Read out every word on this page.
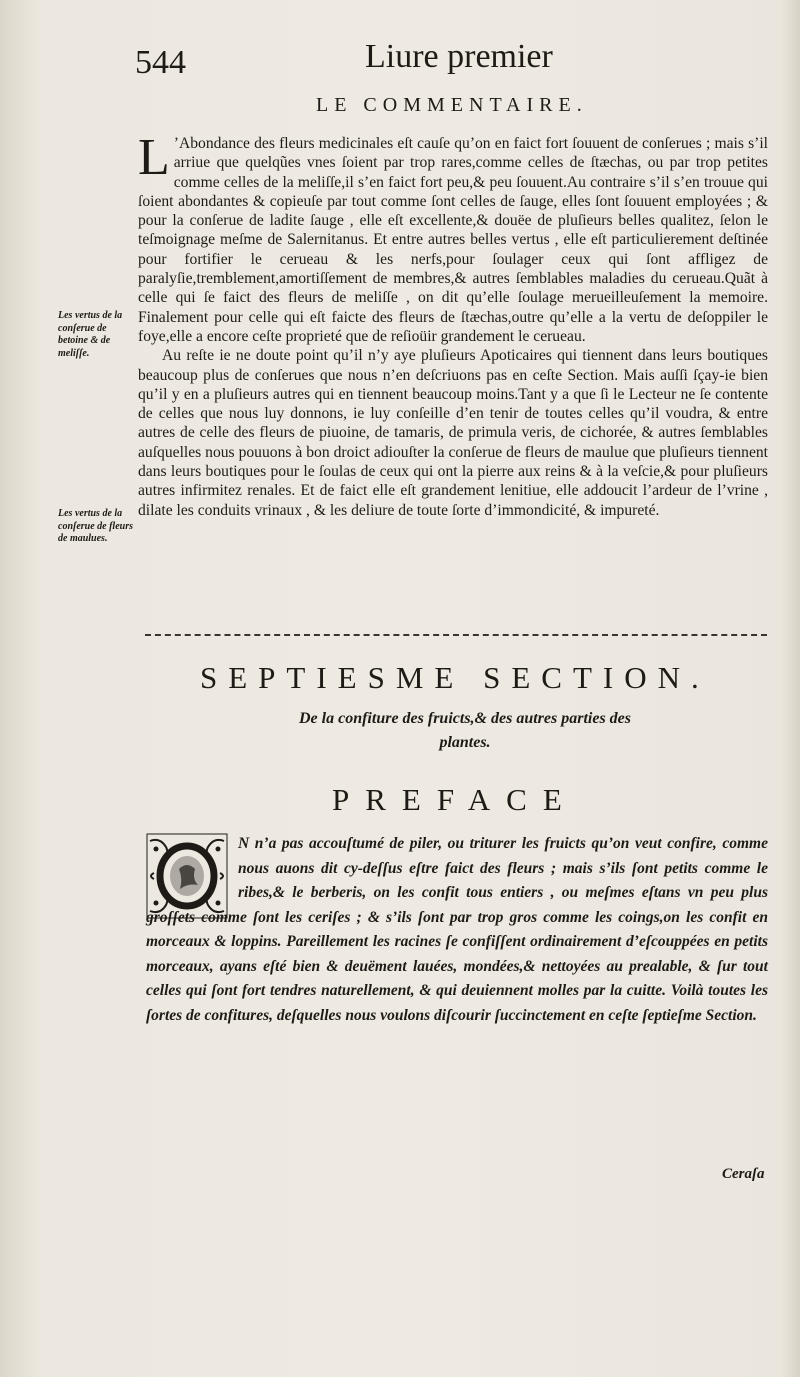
544	Liure premier
LE COMMENTAIRE.

L ’Abondance des fleurs medicinales eſt cauſe qu’on en faict fort ſouuent de conſerues ; mais s’il arriue que quelqũes vnes ſoient par trop rares,comme celles de ſtæchas, ou par trop petites comme celles de la meliſſe,il s’en faict fort peu,& peu ſouuent.Au contraire s’il s’en trouue qui ſoient abondantes & copieuſe par tout comme ſont celles de ſauge, elles ſont ſouuent employées ; & pour la conſerue de ladite ſauge , elle eſt excellente,& douëe de pluſieurs belles qualitez, ſelon le teſmoignage meſme de Salernitanus. Et entre autres belles vertus , elle eſt particulierement deſtinée pour fortifier le cerueau & les nerfs,pour ſoulager ceux qui ſont affligez de paralyſie,tremblement,amortiſſement de membres,& autres ſemblables maladies du cerueau.Quãt à celle qui ſe faict des fleurs de meliſſe , on dit qu’elle ſoulage merueilleuſement la memoire. Finalement pour celle qui eſt faicte des fleurs de ſtæchas,outre qu’elle a la vertu de deſoppiler le foye,elle a encore ceſte proprieté que de reſioüir grandement le cerueau.

Au reſte ie ne doute point qu’il n’y aye pluſieurs Apoticaires qui tiennent dans leurs boutiques beaucoup plus de conſerues que nous n’en deſcriuons pas en ceſte Section. Mais auſſi ſçay-ie bien qu’il y en a pluſieurs autres qui en tiennent beaucoup moins.Tant y a que ſi le Lecteur ne ſe contente de celles que nous luy donnons, ie luy conſeille d’en tenir de toutes celles qu’il voudra, & entre autres de celle des fleurs de piuoine, de tamaris, de primula veris, de cichorée, & autres ſemblables auſquelles nous pouuons à bon droict adiouſter la conſerue de fleurs de maulue que pluſieurs tiennent dans leurs boutiques pour le ſoulas de ceux qui ont la pierre aux reins & à la veſcie,& pour pluſieurs autres infirmitez renales. Et de faict elle eſt grandement lenitiue, elle addoucit l’ardeur de l’vrine , dilate les conduits vrinaux , & les deliure de toute ſorte d’immondicité, & impureté.

Les vertus de la conſerue de betoine & de meliſſe.
Les vertus de la conſerue de fleurs de maulues.
SEPTIESME SECTION.
De la confiture des fruicts,& des autres parties des plantes.
PREFACE
N n’a pas accouſtumé de piler, ou triturer les fruicts qu’on veut confire, comme nous auons dit cy-deſſus eſtre faict des fleurs ; mais s’ils ſont petits comme le ribes,& le berberis, on les confit tous entiers , ou meſmes eſtans vn peu plus groſſets comme ſont les ceriſes ; & s’ils ſont par trop gros comme les coings,on les confit en morceaux & loppins. Pareillement les racines ſe confiſſent ordinairement d’eſcouppées en petits morceaux, ayans eſté bien & deuëment lauées, mondées,& nettoyées au prealable, & ſur tout celles qui ſont fort tendres naturellement, & qui deuiennent molles par la cuitte. Voilà toutes les ſortes de confitures, deſquelles nous voulons diſcourir ſuccinctement en ceſte ſeptieſme Section.
Ceraſa
